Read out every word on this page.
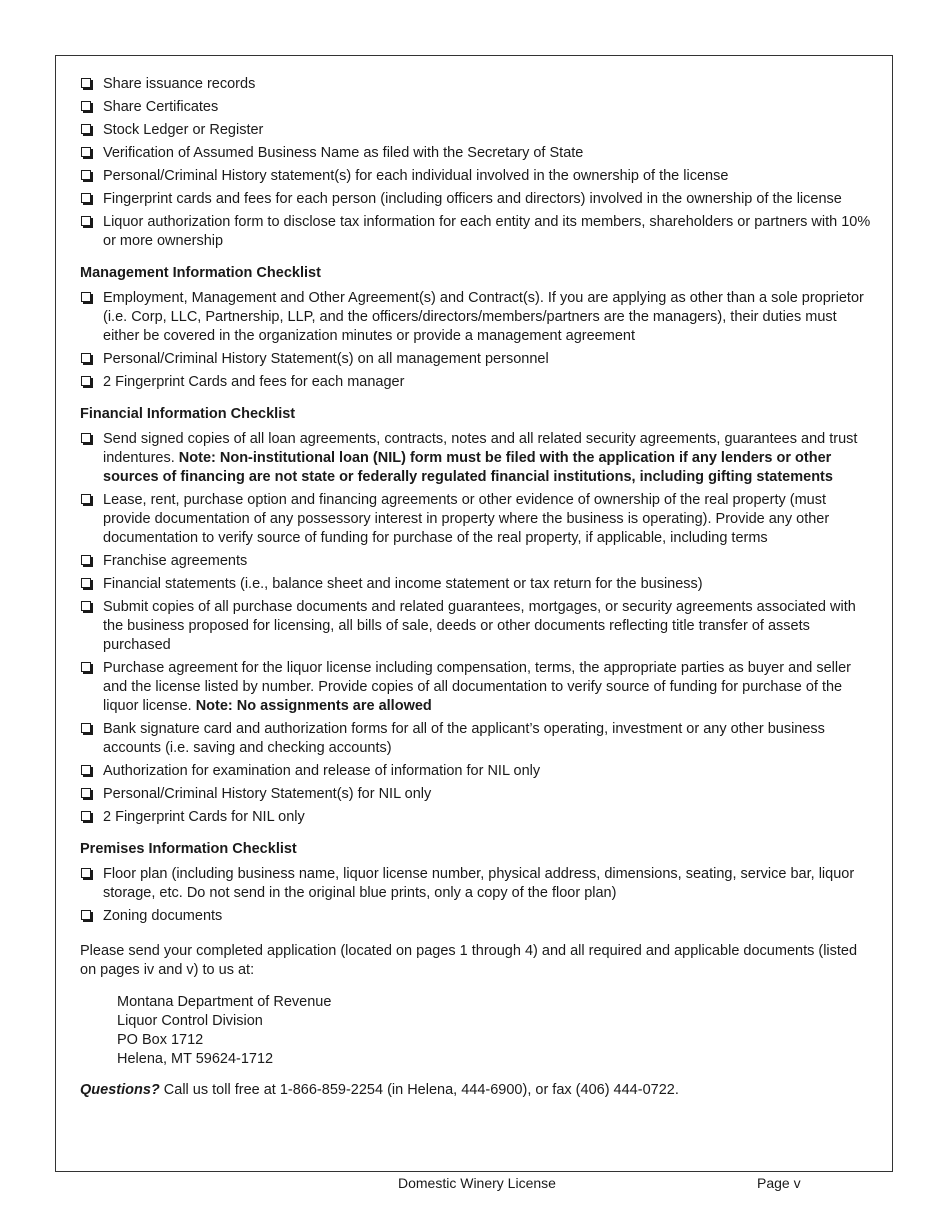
Share issuance records
Share Certificates
Stock Ledger or Register
Verification of Assumed Business Name as filed with the Secretary of State
Personal/Criminal History statement(s) for each individual involved in the ownership of the license
Fingerprint cards and fees for each person (including officers and directors) involved in the ownership of the license
Liquor authorization form to disclose tax information for each entity and its members, shareholders or partners with 10% or more ownership
Management Information Checklist
Employment, Management and Other Agreement(s) and Contract(s). If you are applying as other than a sole proprietor (i.e. Corp, LLC, Partnership, LLP, and the officers/directors/members/partners are the managers), their duties must either be covered in the organization minutes or provide a management agreement
Personal/Criminal History Statement(s) on all management personnel
2 Fingerprint Cards and fees for each manager
Financial Information Checklist
Send signed copies of all loan agreements, contracts, notes and all related security agreements, guarantees and trust indentures. Note: Non-institutional loan (NIL) form must be filed with the application if any lenders or other sources of financing are not state or federally regulated financial institutions, including gifting statements
Lease, rent, purchase option and financing agreements or other evidence of ownership of the real property (must provide documentation of any possessory interest in property where the business is operating). Provide any other documentation to verify source of funding for purchase of the real property, if applicable, including terms
Franchise agreements
Financial statements (i.e., balance sheet and income statement or tax return for the business)
Submit copies of all purchase documents and related guarantees, mortgages, or security agreements associated with the business proposed for licensing, all bills of sale, deeds or other documents reflecting title transfer of assets purchased
Purchase agreement for the liquor license including compensation, terms, the appropriate parties as buyer and seller and the license listed by number. Provide copies of all documentation to verify source of funding for purchase of the liquor license. Note: No assignments are allowed
Bank signature card and authorization forms for all of the applicant’s operating, investment or any other business accounts (i.e. saving and checking accounts)
Authorization for examination and release of information for NIL only
Personal/Criminal History Statement(s) for NIL only
2 Fingerprint Cards for NIL only
Premises Information Checklist
Floor plan (including business name, liquor license number, physical address, dimensions, seating, service bar, liquor storage, etc. Do not send in the original blue prints, only a copy of the floor plan)
Zoning documents

Please send your completed application (located on pages 1 through 4) and all required and applicable documents (listed on pages iv and v) to us at:

Montana Department of Revenue
Liquor Control Division
PO Box 1712
Helena, MT 59624-1712

Questions? Call us toll free at 1-866-859-2254 (in Helena, 444-6900), or fax (406) 444-0722.

Domestic Winery License	Page v
